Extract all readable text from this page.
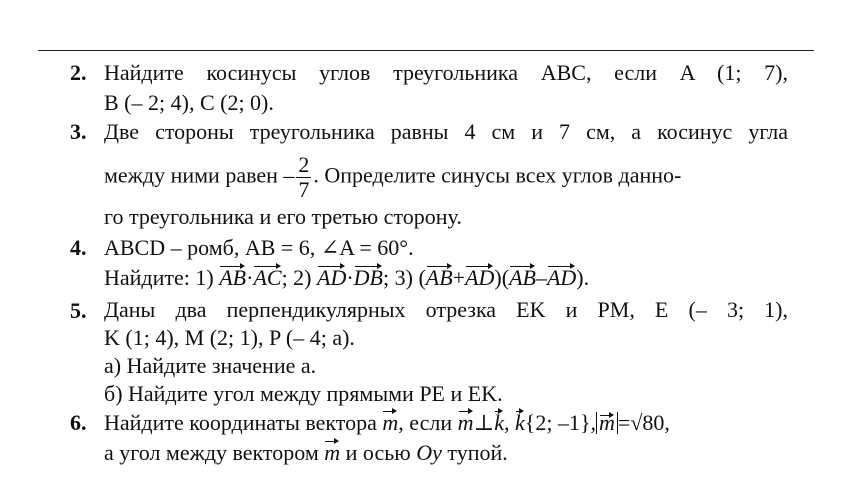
2. Найдите косинусы углов треугольника ABC, если A (1; 7),
B (– 2; 4), C (2; 0).
3. Две стороны треугольника равны 4 см и 7 см, а косинус угла
между ними равен – $\frac{2}{7}$ . Определите синусы всех углов данно-
го треугольника и его третью сторону.
4. ABCD – ромб, AB = 6, ∠A = 60°.
Найдите: 1) AB·AC; 2) AD·DB; 3) (AB+AD)(AB–AD).
5. Даны два перпендикулярных отрезка EK и PM, E (– 3; 1),
K (1; 4), M (2; 1), P (– 4; a).
а) Найдите значение a.
б) Найдите угол между прямыми PE и EK.
6. Найдите координаты вектора m, если m⊥k, k{2; –1}, m =√80,
а угол между вектором m и осью Oy тупой.
